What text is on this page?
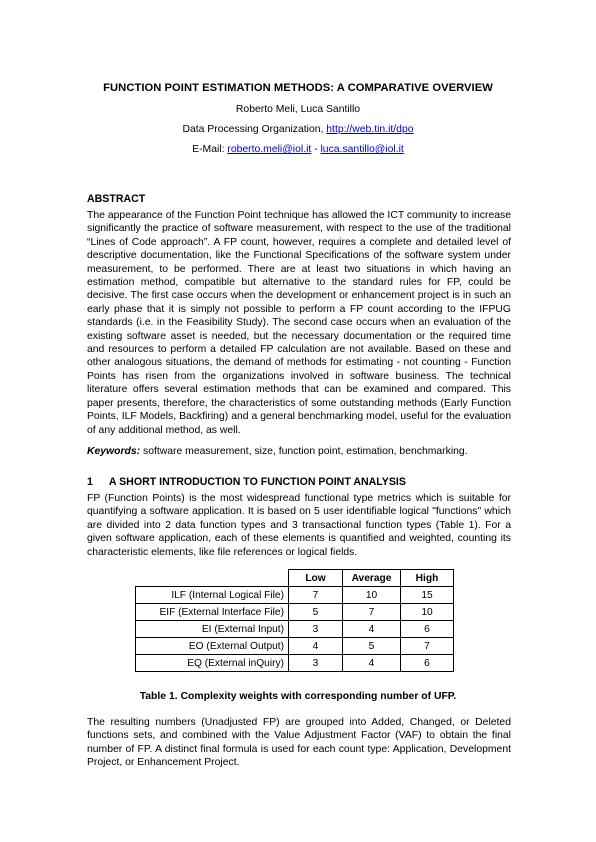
FUNCTION POINT ESTIMATION METHODS: A COMPARATIVE OVERVIEW
Roberto Meli, Luca Santillo
Data Processing Organization, http://web.tin.it/dpo
E-Mail: roberto.meli@iol.it - luca.santillo@iol.it
ABSTRACT
The appearance of the Function Point technique has allowed the ICT community to increase significantly the practice of software measurement, with respect to the use of the traditional “Lines of Code approach”. A FP count, however, requires a complete and detailed level of descriptive documentation, like the Functional Specifications of the software system under measurement, to be performed. There are at least two situations in which having an estimation method, compatible but alternative to the standard rules for FP, could be decisive. The first case occurs when the development or enhancement project is in such an early phase that it is simply not possible to perform a FP count according to the IFPUG standards (i.e. in the Feasibility Study). The second case occurs when an evaluation of the existing software asset is needed, but the necessary documentation or the required time and resources to perform a detailed FP calculation are not available. Based on these and other analogous situations, the demand of methods for estimating - not counting - Function Points has risen from the organizations involved in software business. The technical literature offers several estimation methods that can be examined and compared. This paper presents, therefore, the characteristics of some outstanding methods (Early Function Points, ILF Models, Backfiring) and a general benchmarking model, useful for the evaluation of any additional method, as well.
Keywords: software measurement, size, function point, estimation, benchmarking.
1 A SHORT INTRODUCTION TO FUNCTION POINT ANALYSIS
FP (Function Points) is the most widespread functional type metrics which is suitable for quantifying a software application. It is based on 5 user identifiable logical "functions" which are divided into 2 data function types and 3 transactional function types (Table 1). For a given software application, each of these elements is quantified and weighted, counting its characteristic elements, like file references or logical fields.
	Low	Average	High
ILF (Internal Logical File)	7	10	15
EIF (External Interface File)	5	7	10
EI (External Input)	3	4	6
EO (External Output)	4	5	7
EQ (External inQuiry)	3	4	6
Table 1. Complexity weights with corresponding number of UFP.
The resulting numbers (Unadjusted FP) are grouped into Added, Changed, or Deleted functions sets, and combined with the Value Adjustment Factor (VAF) to obtain the final number of FP. A distinct final formula is used for each count type: Application, Development Project, or Enhancement Project.
